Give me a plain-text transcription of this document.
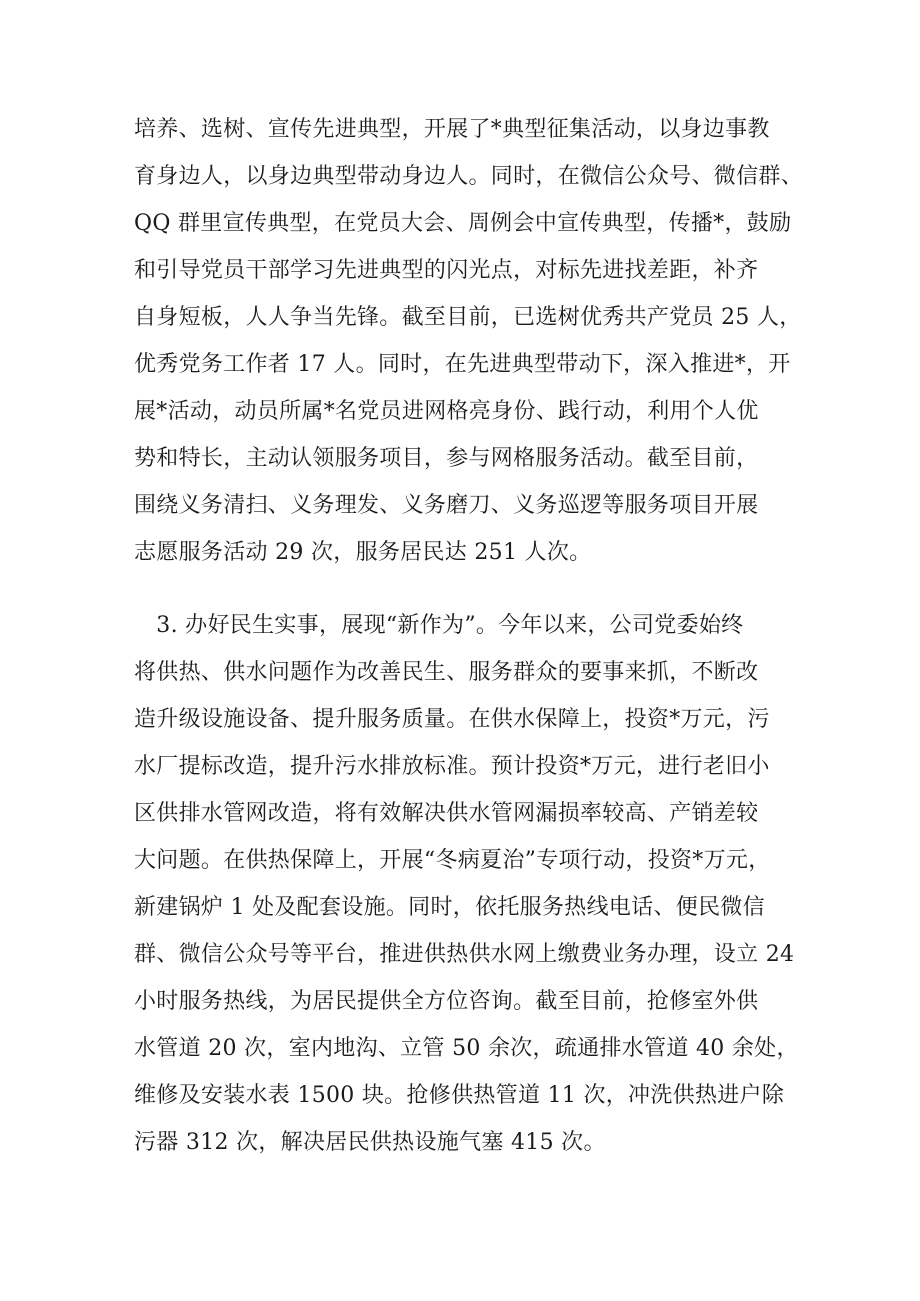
培养、选树、宣传先进典型，开展了*典型征集活动，以身边事教
育身边人，以身边典型带动身边人。同时，在微信公众号、微信群、
QQ 群里宣传典型，在党员大会、周例会中宣传典型，传播*，鼓励
和引导党员干部学习先进典型的闪光点，对标先进找差距，补齐
自身短板，人人争当先锋。截至目前，已选树优秀共产党员 25 人，
优秀党务工作者 17 人。同时，在先进典型带动下，深入推进*，开
展*活动，动员所属*名党员进网格亮身份、践行动，利用个人优
势和特长，主动认领服务项目，参与网格服务活动。截至目前，
围绕义务清扫、义务理发、义务磨刀、义务巡逻等服务项目开展
志愿服务活动 29 次，服务居民达 251 人次。
　3. 办好民生实事，展现“新作为”。今年以来，公司党委始终
将供热、供水问题作为改善民生、服务群众的要事来抓，不断改
造升级设施设备、提升服务质量。在供水保障上，投资*万元，污
水厂提标改造，提升污水排放标准。预计投资*万元，进行老旧小
区供排水管网改造，将有效解决供水管网漏损率较高、产销差较
大问题。在供热保障上，开展“冬病夏治”专项行动，投资*万元，
新建锅炉 1 处及配套设施。同时，依托服务热线电话、便民微信
群、微信公众号等平台，推进供热供水网上缴费业务办理，设立 24
小时服务热线，为居民提供全方位咨询。截至目前，抢修室外供
水管道 20 次，室内地沟、立管 50 余次，疏通排水管道 40 余处，
维修及安装水表 1500 块。抢修供热管道 11 次，冲洗供热进户除
污器 312 次，解决居民供热设施气塞 415 次。
